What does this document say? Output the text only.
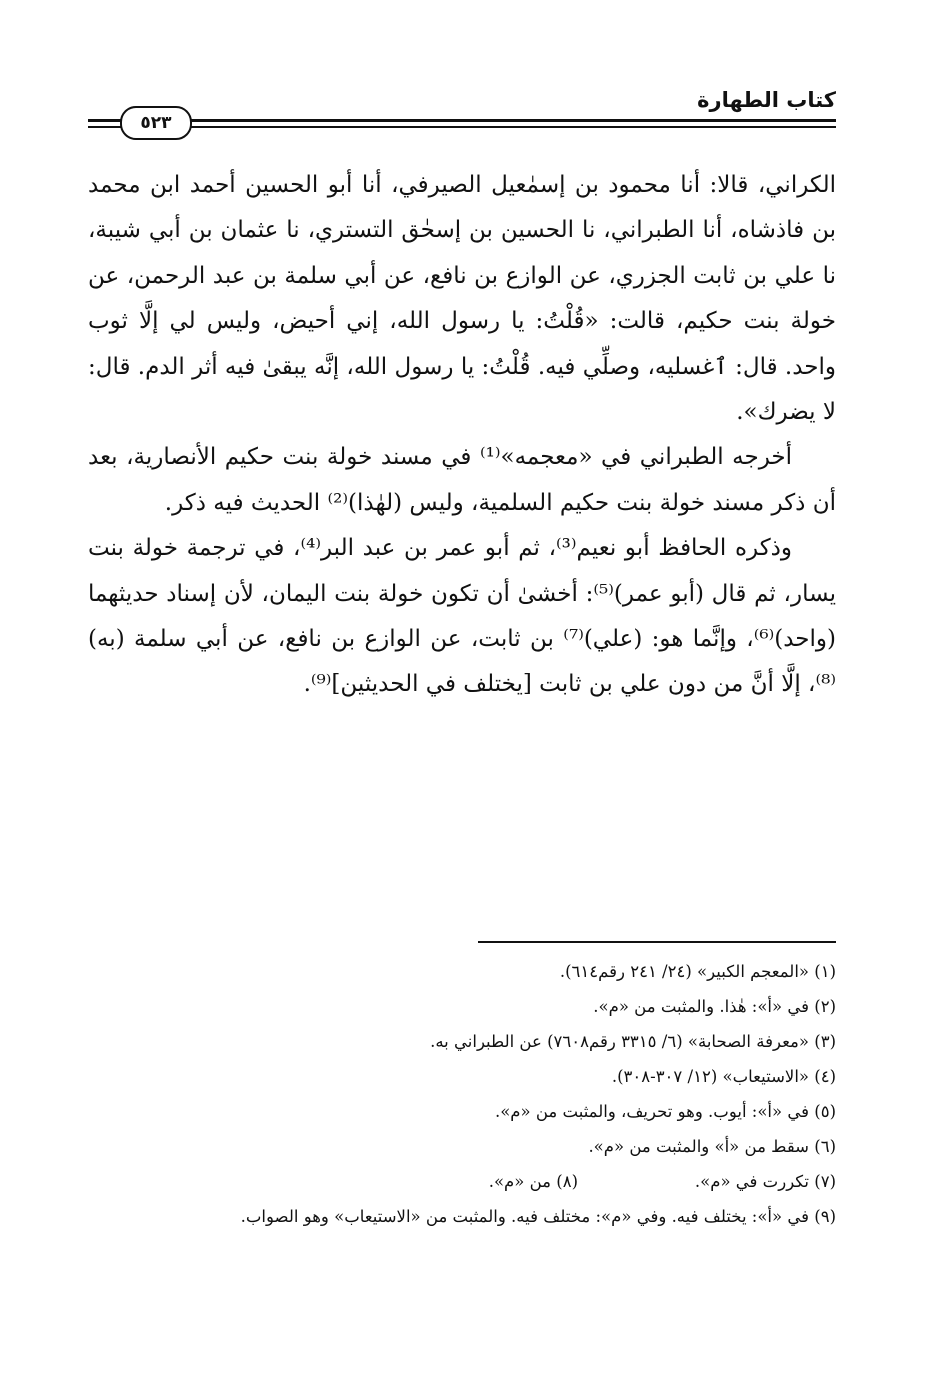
كتاب الطهارة
٥٢٣

الكراني، قالا: أنا محمود بن إسمٰعيل الصيرفي، أنا أبو الحسين أحمد ابن محمد بن فاذشاه، أنا الطبراني، نا الحسين بن إسحٰق التستري، نا عثمان بن أبي شيبة، نا علي بن ثابت الجزري، عن الوازع بن نافع، عن أبي سلمة بن عبد الرحمن، عن خولة بنت حكيم، قالت: «قُلْتُ: يا رسول الله، إني أحيض، وليس لي إلَّا ثوب واحد. قال: ٱغسليه، وصلِّي فيه. قُلْتُ: يا رسول الله، إنَّه يبقىٰ فيه أثر الدم. قال: لا يضرك».

أخرجه الطبراني في «معجمه»⁽¹⁾ في مسند خولة بنت حكيم الأنصارية، بعد أن ذكر مسند خولة بنت حكيم السلمية، وليس (لهٰذا)⁽²⁾ الحديث فيه ذكر.

وذكره الحافظ أبو نعيم⁽³⁾، ثم أبو عمر بن عبد البر⁽⁴⁾، في ترجمة خولة بنت يسار، ثم قال (أبو عمر)⁽⁵⁾: أخشىٰ أن تكون خولة بنت اليمان، لأن إسناد حديثهما (واحد)⁽⁶⁾، وإنَّما هو: (علي)⁽⁷⁾ بن ثابت، عن الوازع بن نافع، عن أبي سلمة (به)⁽⁸⁾، إلَّا أنَّ من دون علي بن ثابت [يختلف في الحديثين]⁽⁹⁾.

(١) «المعجم الكبير» (٢٤/ ٢٤١ رقم٦١٤).
(٢) في «أ»: هٰذا. والمثبت من «م».
(٣) «معرفة الصحابة» (٦/ ٣٣١٥ رقم٧٦٠٨) عن الطبراني به.
(٤) «الاستيعاب» (١٢/ ٣٠٧-٣٠٨).
(٥) في «أ»: أيوب. وهو تحريف، والمثبت من «م».
(٦) سقط من «أ» والمثبت من «م».
(٧) تكررت في «م».
(٨) من «م».
(٩) في «أ»: يختلف فيه. وفي «م»: مختلف فيه. والمثبت من «الاستيعاب» وهو الصواب.
